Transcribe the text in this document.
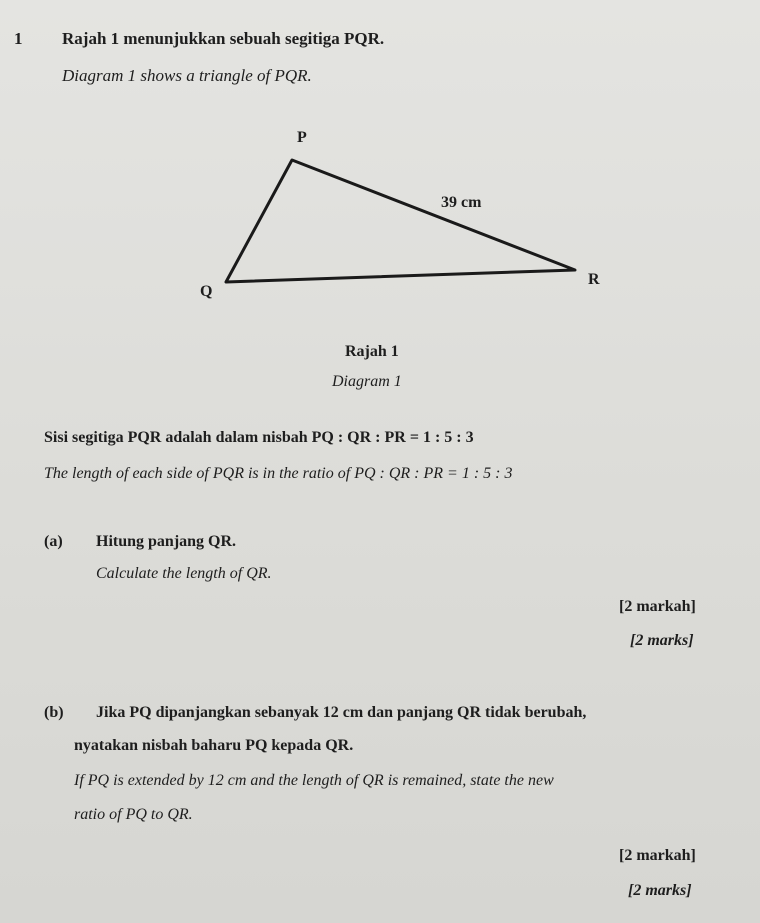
1 Rajah 1 menunjukkan sebuah segitiga PQR.
Diagram 1 shows a triangle of PQR.
P
Q
R
39 cm
Rajah 1
Diagram 1
Sisi segitiga PQR adalah dalam nisbah PQ : QR : PR = 1 : 5 : 3
The length of each side of PQR is in the ratio of PQ : QR : PR = 1 : 5 : 3
(a) Hitung panjang QR.
Calculate the length of QR.
[2 markah]
[2 marks]
(b) Jika PQ dipanjangkan sebanyak 12 cm dan panjang QR tidak berubah,
nyatakan nisbah baharu PQ kepada QR.
If PQ is extended by 12 cm and the length of QR is remained, state the new
ratio of PQ to QR.
[2 markah]
[2 marks]
